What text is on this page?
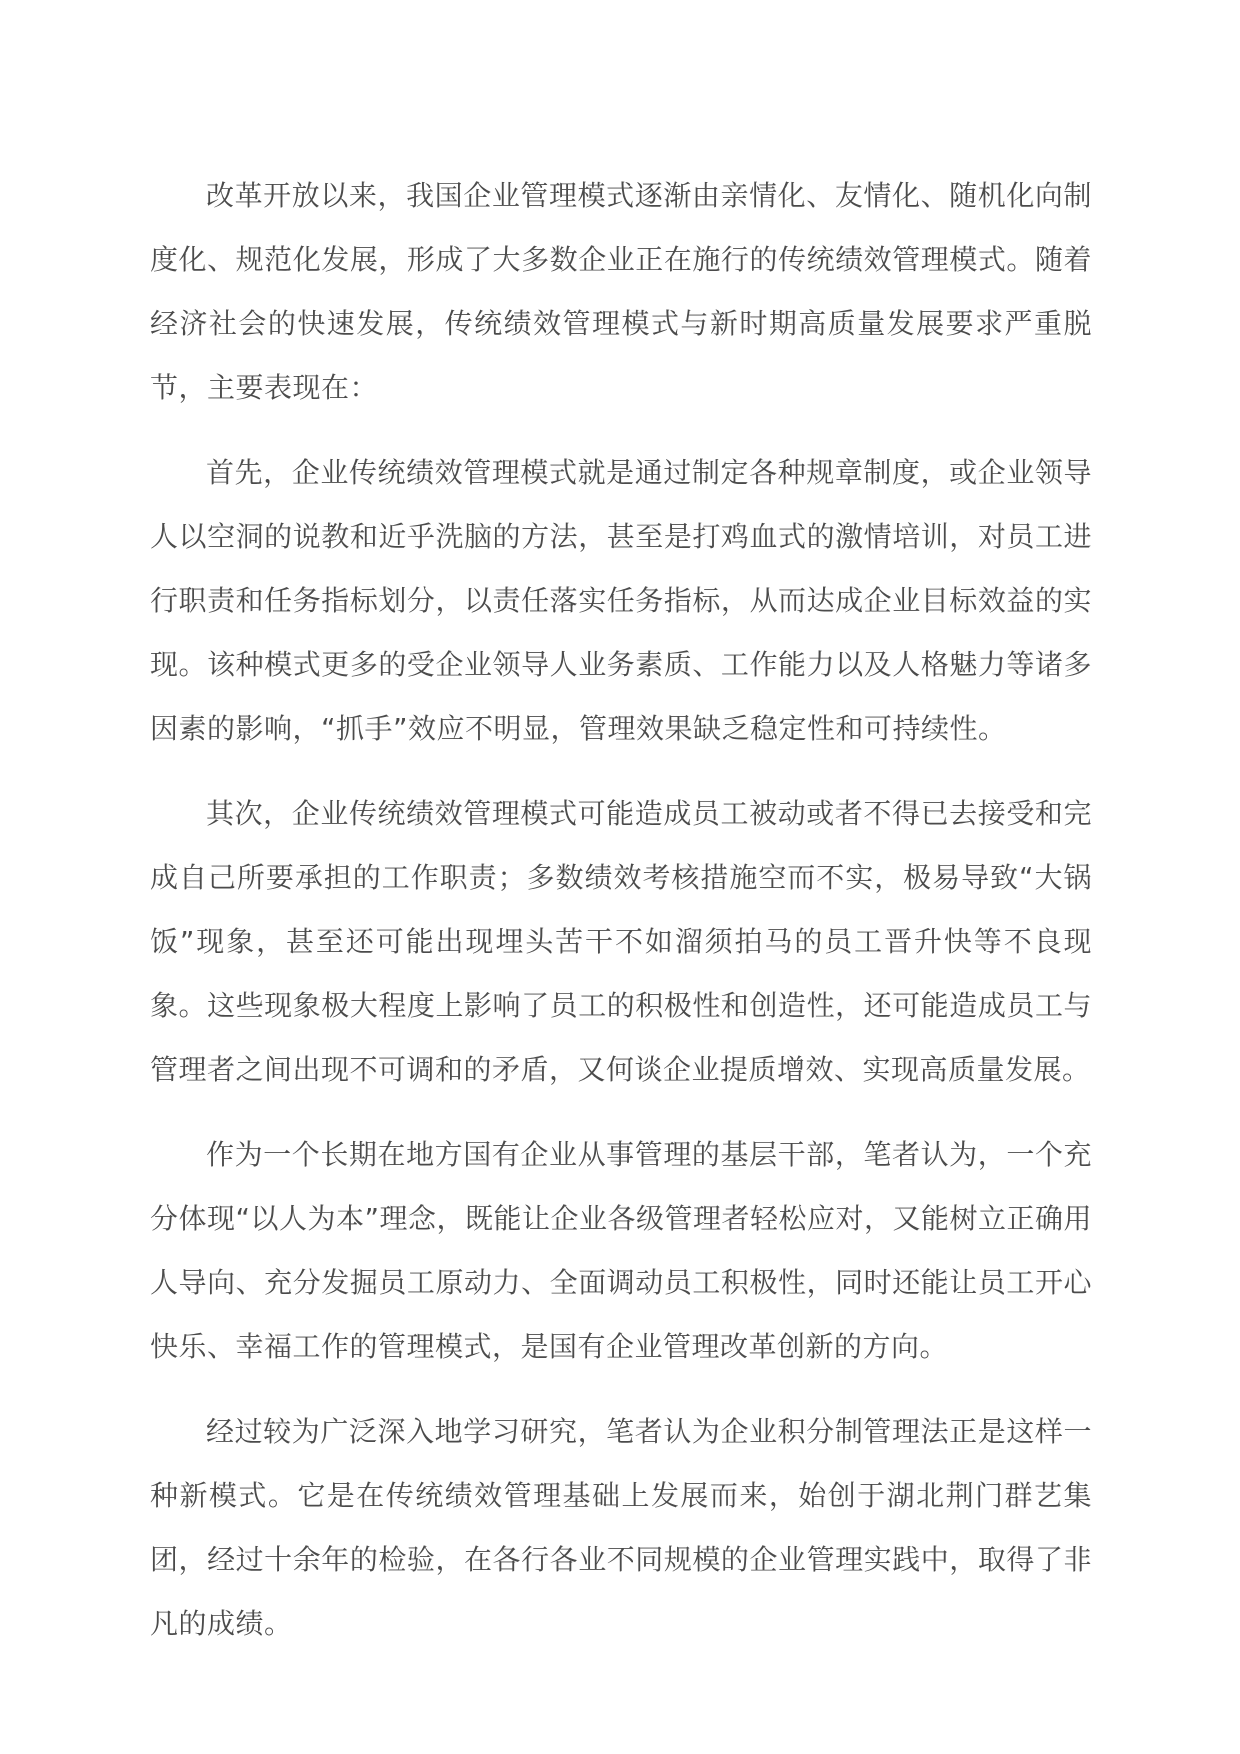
改革开放以来，我国企业管理模式逐渐由亲情化、友情化、随机化向制度化、规范化发展，形成了大多数企业正在施行的传统绩效管理模式。随着经济社会的快速发展，传统绩效管理模式与新时期高质量发展要求严重脱节，主要表现在：

首先，企业传统绩效管理模式就是通过制定各种规章制度，或企业领导人以空洞的说教和近乎洗脑的方法，甚至是打鸡血式的激情培训，对员工进行职责和任务指标划分，以责任落实任务指标，从而达成企业目标效益的实现。该种模式更多的受企业领导人业务素质、工作能力以及人格魅力等诸多因素的影响，“抓手”效应不明显，管理效果缺乏稳定性和可持续性。

其次，企业传统绩效管理模式可能造成员工被动或者不得已去接受和完成自己所要承担的工作职责；多数绩效考核措施空而不实，极易导致“大锅饭”现象，甚至还可能出现埋头苦干不如溜须拍马的员工晋升快等不良现象。这些现象极大程度上影响了员工的积极性和创造性，还可能造成员工与管理者之间出现不可调和的矛盾，又何谈企业提质增效、实现高质量发展。

作为一个长期在地方国有企业从事管理的基层干部，笔者认为，一个充分体现“以人为本”理念，既能让企业各级管理者轻松应对，又能树立正确用人导向、充分发掘员工原动力、全面调动员工积极性，同时还能让员工开心快乐、幸福工作的管理模式，是国有企业管理改革创新的方向。

经过较为广泛深入地学习研究，笔者认为企业积分制管理法正是这样一种新模式。它是在传统绩效管理基础上发展而来，始创于湖北荆门群艺集团，经过十余年的检验，在各行各业不同规模的企业管理实践中，取得了非凡的成绩。
